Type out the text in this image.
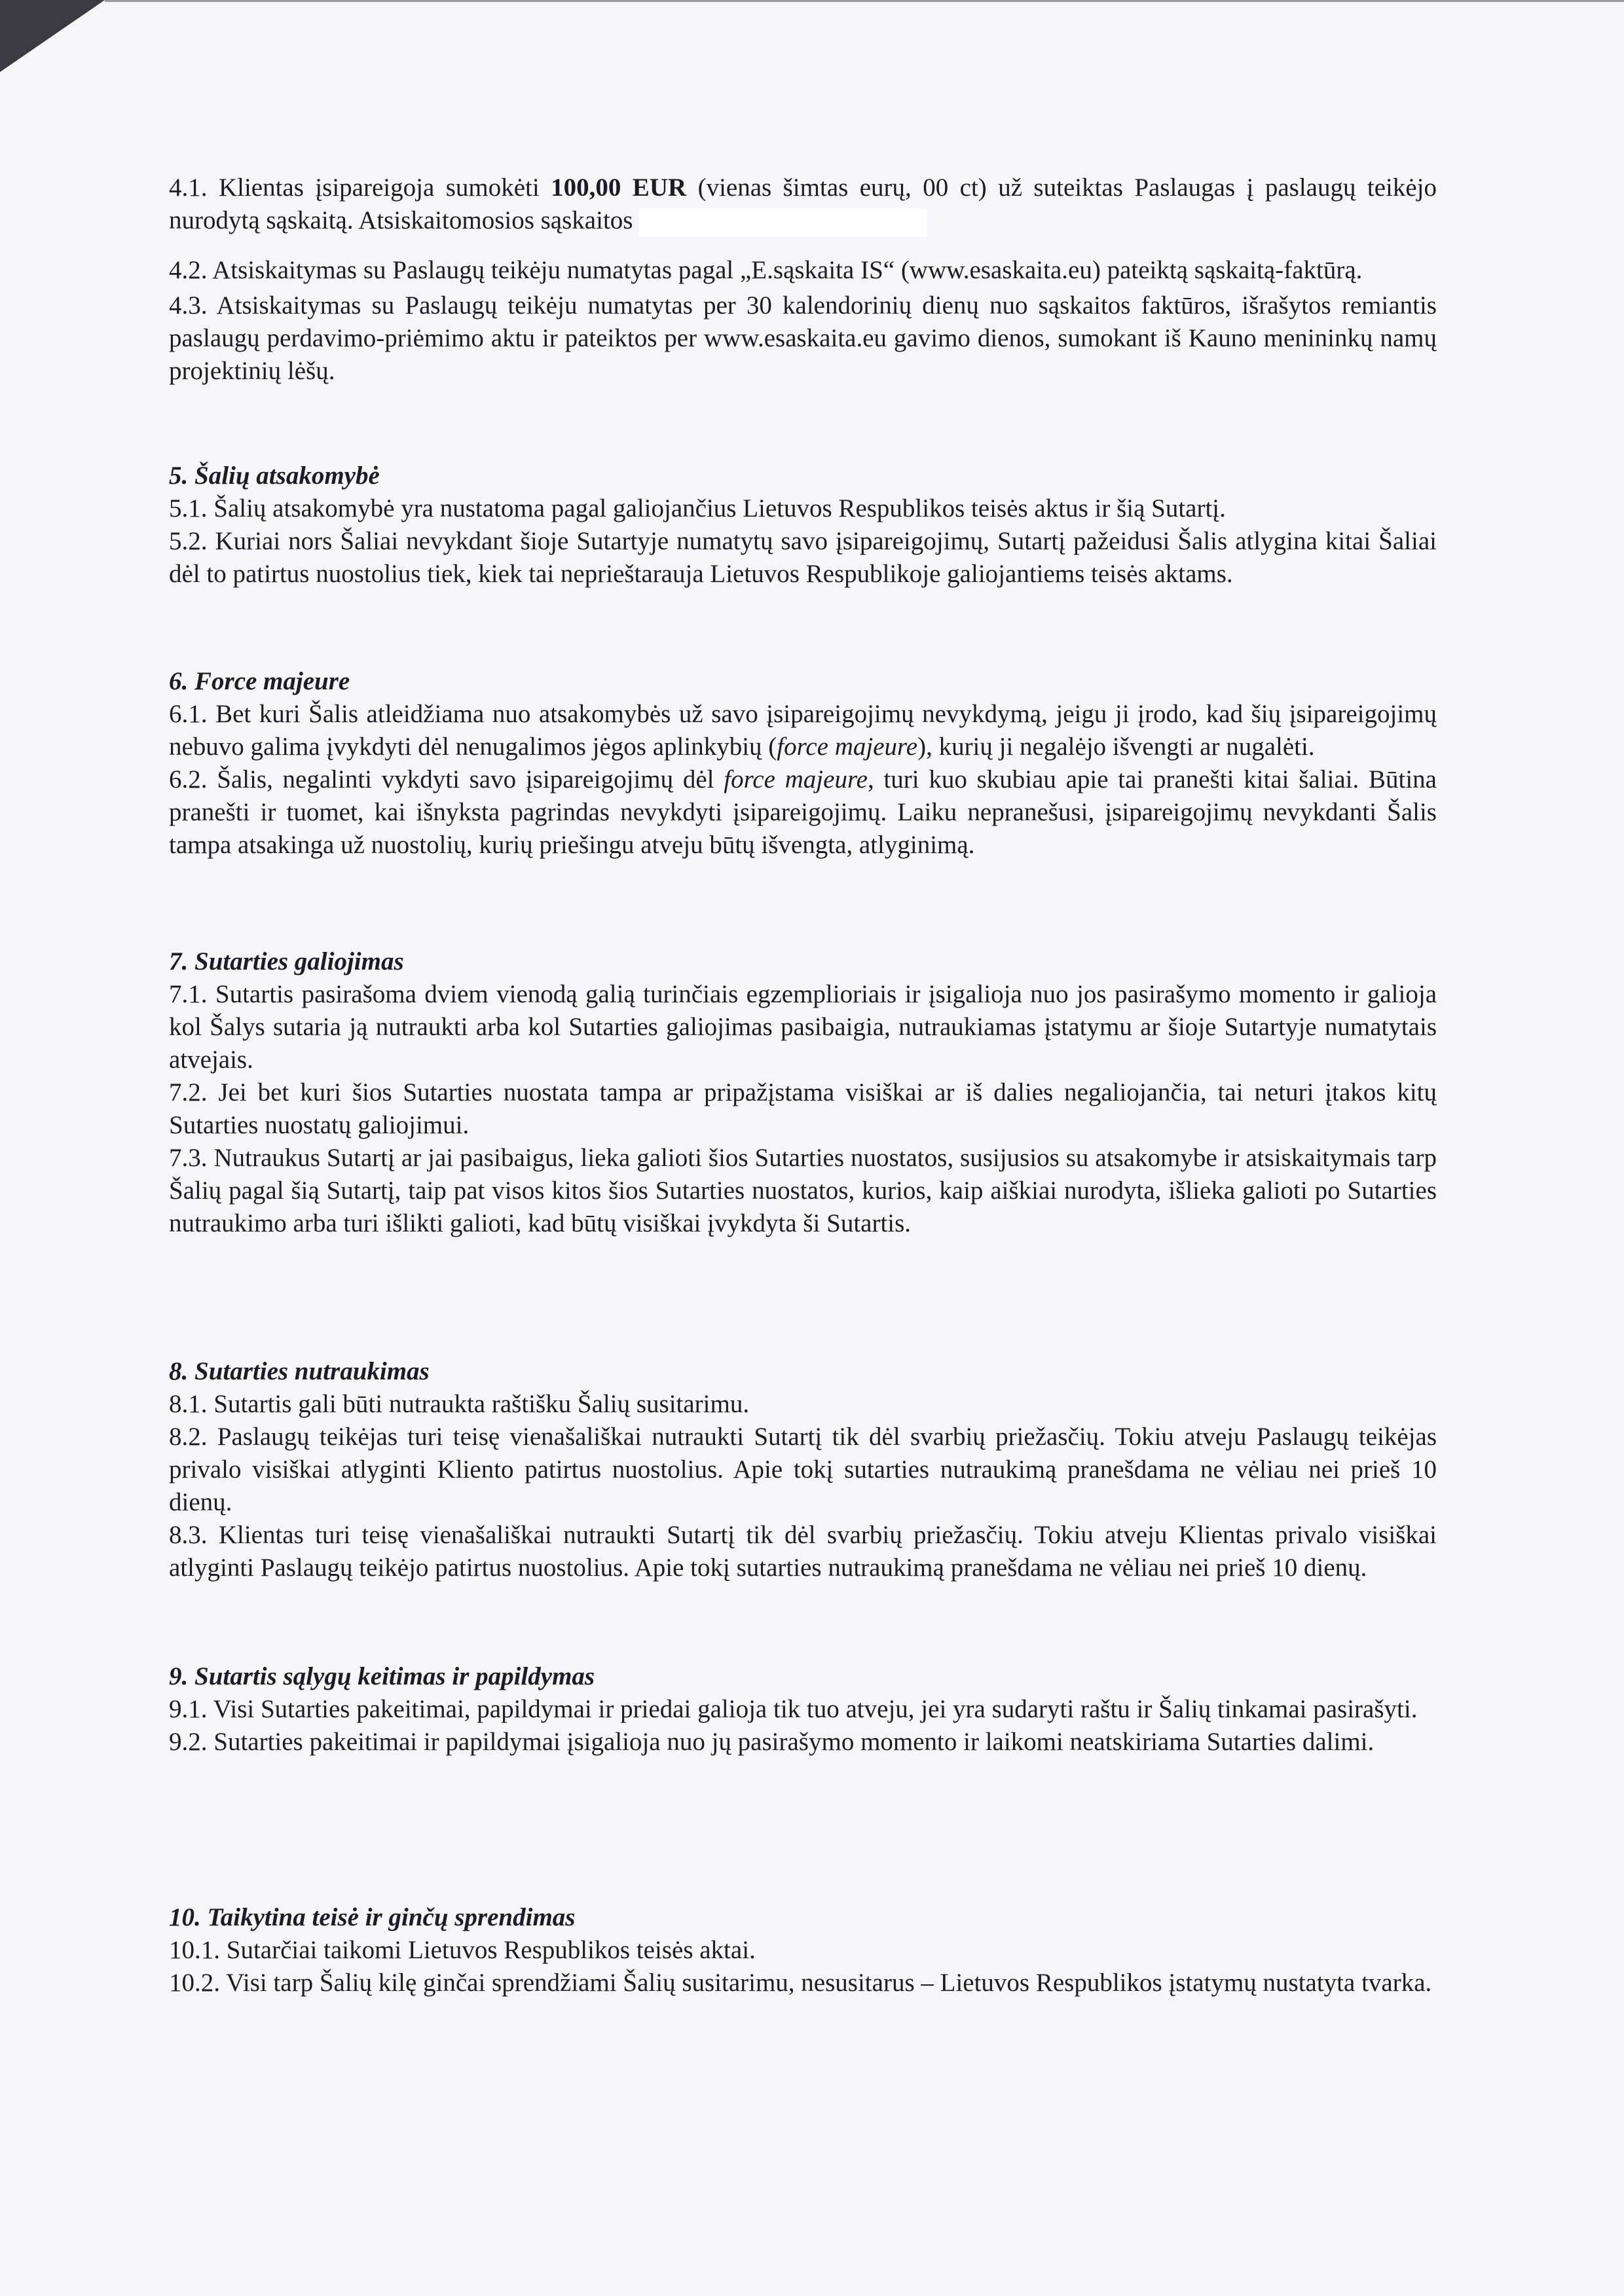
4.1. Klientas įsipareigoja sumokėti 100,00 EUR (vienas šimtas eurų, 00 ct) už suteiktas Paslaugas į paslaugų teikėjo nurodytą sąskaitą. Atsiskaitomosios sąskaitos

4.2. Atsiskaitymas su Paslaugų teikėju numatytas pagal „E.sąskaita IS“ (www.esaskaita.eu) pateiktą sąskaitą-faktūrą.

4.3. Atsiskaitymas su Paslaugų teikėju numatytas per 30 kalendorinių dienų nuo sąskaitos faktūros, išrašytos remiantis paslaugų perdavimo-priėmimo aktu ir pateiktos per www.esaskaita.eu gavimo dienos, sumokant iš Kauno menininkų namų projektinių lėšų.

5. Šalių atsakomybė

5.1. Šalių atsakomybė yra nustatoma pagal galiojančius Lietuvos Respublikos teisės aktus ir šią Sutartį.

5.2. Kuriai nors Šaliai nevykdant šioje Sutartyje numatytų savo įsipareigojimų, Sutartį pažeidusi Šalis atlygina kitai Šaliai dėl to patirtus nuostolius tiek, kiek tai neprieštarauja Lietuvos Respublikoje galiojantiems teisės aktams.

6. Force majeure

6.1. Bet kuri Šalis atleidžiama nuo atsakomybės už savo įsipareigojimų nevykdymą, jeigu ji įrodo, kad šių įsipareigojimų nebuvo galima įvykdyti dėl nenugalimos jėgos aplinkybių (force majeure), kurių ji negalėjo išvengti ar nugalėti.

6.2. Šalis, negalinti vykdyti savo įsipareigojimų dėl force majeure, turi kuo skubiau apie tai pranešti kitai šaliai. Būtina pranešti ir tuomet, kai išnyksta pagrindas nevykdyti įsipareigojimų. Laiku nepranešusi, įsipareigojimų nevykdanti Šalis tampa atsakinga už nuostolių, kurių priešingu atveju būtų išvengta, atlyginimą.

7. Sutarties galiojimas

7.1. Sutartis pasirašoma dviem vienodą galią turinčiais egzemplioriais ir įsigalioja nuo jos pasirašymo momento ir galioja kol Šalys sutaria ją nutraukti arba kol Sutarties galiojimas pasibaigia, nutraukiamas įstatymu ar šioje Sutartyje numatytais atvejais.

7.2. Jei bet kuri šios Sutarties nuostata tampa ar pripažįstama visiškai ar iš dalies negaliojančia, tai neturi įtakos kitų Sutarties nuostatų galiojimui.

7.3. Nutraukus Sutartį ar jai pasibaigus, lieka galioti šios Sutarties nuostatos, susijusios su atsakomybe ir atsiskaitymais tarp Šalių pagal šią Sutartį, taip pat visos kitos šios Sutarties nuostatos, kurios, kaip aiškiai nurodyta, išlieka galioti po Sutarties nutraukimo arba turi išlikti galioti, kad būtų visiškai įvykdyta ši Sutartis.

8. Sutarties nutraukimas

8.1. Sutartis gali būti nutraukta raštišku Šalių susitarimu.

8.2. Paslaugų teikėjas turi teisę vienašališkai nutraukti Sutartį tik dėl svarbių priežasčių. Tokiu atveju Paslaugų teikėjas privalo visiškai atlyginti Kliento patirtus nuostolius. Apie tokį sutarties nutraukimą pranešdama ne vėliau nei prieš 10 dienų.

8.3. Klientas turi teisę vienašališkai nutraukti Sutartį tik dėl svarbių priežasčių. Tokiu atveju Klientas privalo visiškai atlyginti Paslaugų teikėjo patirtus nuostolius. Apie tokį sutarties nutraukimą pranešdama ne vėliau nei prieš 10 dienų.

9. Sutartis sąlygų keitimas ir papildymas

9.1. Visi Sutarties pakeitimai, papildymai ir priedai galioja tik tuo atveju, jei yra sudaryti raštu ir Šalių tinkamai pasirašyti.

9.2. Sutarties pakeitimai ir papildymai įsigalioja nuo jų pasirašymo momento ir laikomi neatskiriama Sutarties dalimi.

10. Taikytina teisė ir ginčų sprendimas

10.1. Sutarčiai taikomi Lietuvos Respublikos teisės aktai.

10.2. Visi tarp Šalių kilę ginčai sprendžiami Šalių susitarimu, nesusitarus – Lietuvos Respublikos įstatymų nustatyta tvarka.
